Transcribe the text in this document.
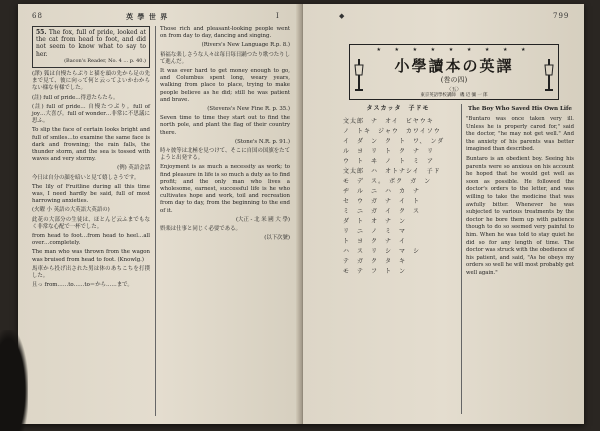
68	英 學 世 界	Ⅰ
55. The fox, full of pride, looked at the cat from head to foot, and did not seem to know what to say to her.
(Bacon's Reader, No. 4 ... p. 40.)

(譯) 狐は自慢たらぷりと猫を頭の先から足の先まで見て、彼に向って何と云ってよいかわからない様な有様でした。

(註) full of pride…得意たらたら。

(註) full of pride… 自慢たつぷり。full of joy…大喜び。full of wonder…非常に不思議に思ふ。

To slip the face of certain looks bright and full of smiles…to examine the same face is dark and frowning; the rain falls, the thunder storm, and the sea is tossed with waves and very stormy.

(例) 英語会話

今日は自分の顔を暗いと見て嬉しさうです。

The lily of Fruitline during all this time was, I need hardly be said, full of most harrowing anxieties.

(火曜 小 英語の大英語大英語の)

此花の大部分の生徒は、ほとんど云ふまでもなく非常な心配で一杯でした。

from head to foot…from head to heel…all over…completely.

The man who was thrown from the wagon was bruised from head to foot. (Knowlg.)

馬車から投げ出された男は体のあちこちを打撲した。

且っ from……to……to＝から……まで。

Those rich and pleasant-looking people went on from day to day, dancing and singing.

(Rivers's New Language R.p. 8.)

裕福な楽しさうな人々は毎日毎日踊つたり歌つたりして進んだ。

It was ever hard to get money enough to go, and Columbus spent long, weary years, walking from place to place, trying to make people believe as he did; still he was patient and brave.

(Stevens's New Fine R. p. 35.)

Seven time to time they start out to find the north pole, and plant the flag of their country there.

(Stone's N.R. p. 91.)

時々彼等は北極を見つけて、そこに自国の国旗をたてようと出発する。

Enjoyment is as much a necessity as work; to find pleasure in life is so much a duty as to find profit; and the only man who lives a wholesome, earnest, successful life is he who cultivates hope and work, toil and recreation from day to day, from the beginning to the end of it.

(大正 - 北 米 國 大 學)

娯楽は仕事と同じく必要である。

(以下次號)

◆	799
★ ★ ★ ★ ★ ★ ★ ★ ★
小學讀本の英譯
(巻の四)
〈五〉
東京英語學校講師　磯 辺 彌 一 郎
タスカッタ　子ドモ
文太郎　ナ　オイ　ビヤウキ
ノ　トキ　ジャウ　カワイソウ
イ　ダ　ン　ク　ト　ワ、　ンダ
ル　ヨ　リ　ト　ク　ナ　リ
ウ　ト　ヰ　ノ　ト　ミ　ア
文太郎　ハ　オトナシイ　子ド
モ　デ　ス。　ボク　ガ　ン
ヂ　ル　ニ　ハ　カ　ナ
セ　ウ　ガ　ナ　イ　ト
ミ　ニ　ガ　イ　ク　ス
ダ　ト　オ　ナ　ン
リ　ニ　ノ　ミ　マ
ト　ヨ　ク　ナ　イ
ハ　ス　リ　シ　マ　シ
テ　ガ　ク　タ　キ
モ　テ　フ　ト　ン
The Boy Who Saved His Own Life

"Buntaro was once taken very ill. Unless he is properly cared for," said the doctor, "he may not get well." And the anxiety of his parents was better imagined than described.

Buntaro is an obedient boy. Seeing his parents were so anxious on his account he hoped that he would get well as soon as possible. He followed the doctor's orders to the letter, and was willing to take the medicine that was awfully bitter. Whenever he was subjected to various treatments by the doctor he bore them up with patience though to do so seemed very painful to him. When he was told to stay quiet he did so for any length of time. The doctor was struck with the obedience of his patient, and said, "As he obeys my orders so well he will most probably get well again."
